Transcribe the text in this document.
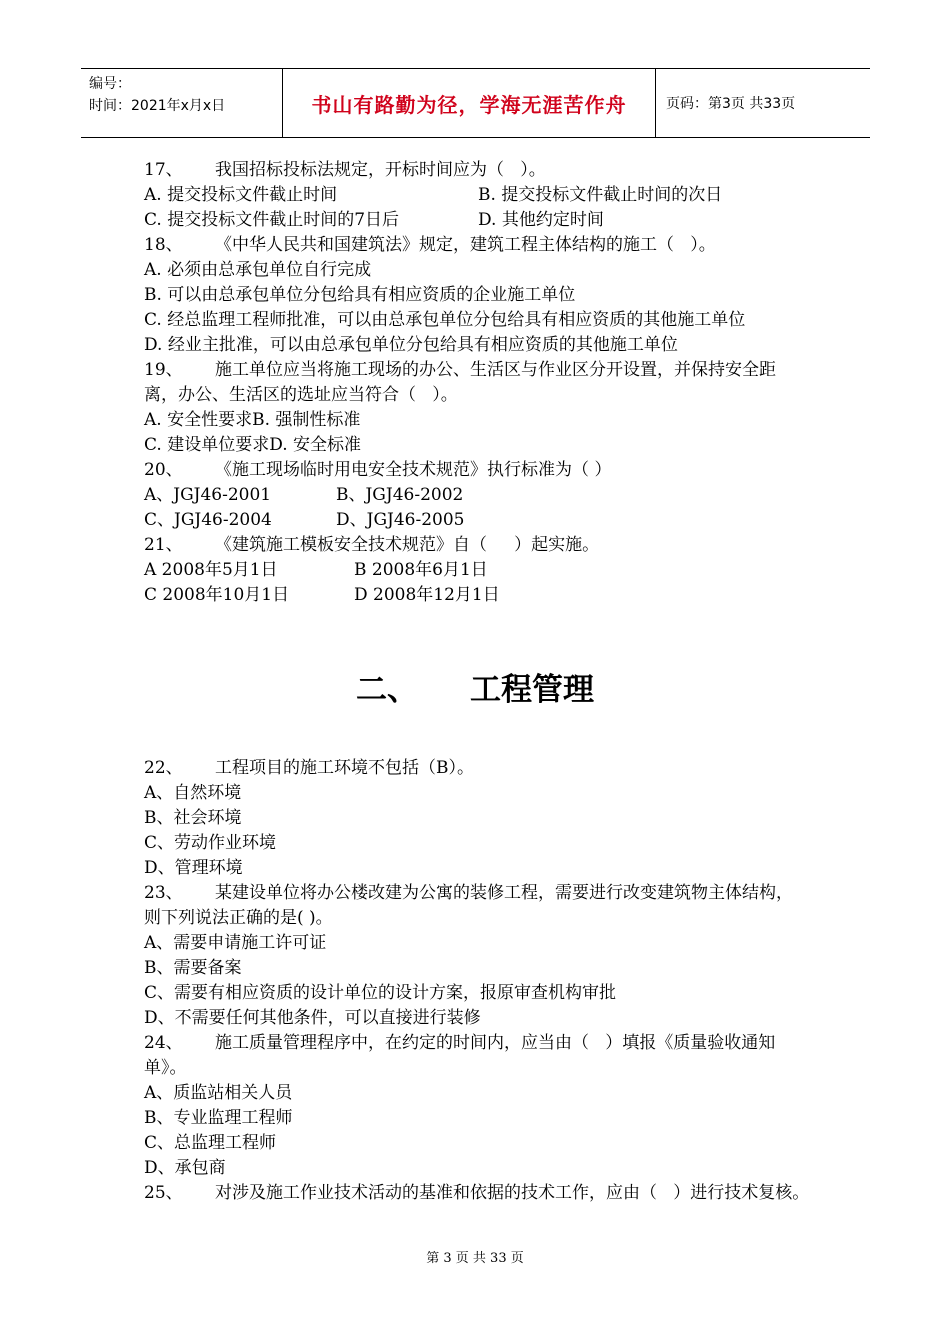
编号：
时间：2021年x月x日	书山有路勤为径，学海无涯苦作舟	页码：第3页 共33页

17、      我国招标投标法规定，开标时间应为（   ）。

A. 提交投标文件截止时间	B. 提交投标文件截止时间的次日
C. 提交投标文件截止时间的7日后	D. 其他约定时间

18、      《中华人民共和国建筑法》规定，建筑工程主体结构的施工（   ）。

A. 必须由总承包单位自行完成

B. 可以由总承包单位分包给具有相应资质的企业施工单位

C. 经总监理工程师批准，可以由总承包单位分包给具有相应资质的其他施工单位

D. 经业主批准，可以由总承包单位分包给具有相应资质的其他施工单位

19、      施工单位应当将施工现场的办公、生活区与作业区分开设置，并保持安全距离，办公、生活区的选址应当符合（   ）。

A. 安全性要求B. 强制性标准

C. 建设单位要求D. 安全标准

20、      《施工现场临时用电安全技术规范》执行标准为（ ）

A、JGJ46-2001	B、JGJ46-2002
C、JGJ46-2004	D、JGJ46-2005

21、      《建筑施工模板安全技术规范》自（     ）起实施。

A 2008年5月1日	B 2008年6月1日
C 2008年10月1日	D 2008年12月1日
二、 工程管理

22、      工程项目的施工环境不包括（B）。

A、自然环境

B、社会环境

C、劳动作业环境

D、管理环境

23、      某建设单位将办公楼改建为公寓的装修工程，需要进行改变建筑物主体结构，则下列说法正确的是( )。

A、需要申请施工许可证

B、需要备案

C、需要有相应资质的设计单位的设计方案，报原审查机构审批

D、不需要任何其他条件，可以直接进行装修

24、      施工质量管理程序中，在约定的时间内，应当由（   ）填报《质量验收通知单》。

A、质监站相关人员

B、专业监理工程师

C、总监理工程师

D、承包商

25、      对涉及施工作业技术活动的基准和依据的技术工作，应由（   ）进行技术复核。

第 3 页 共 33 页
